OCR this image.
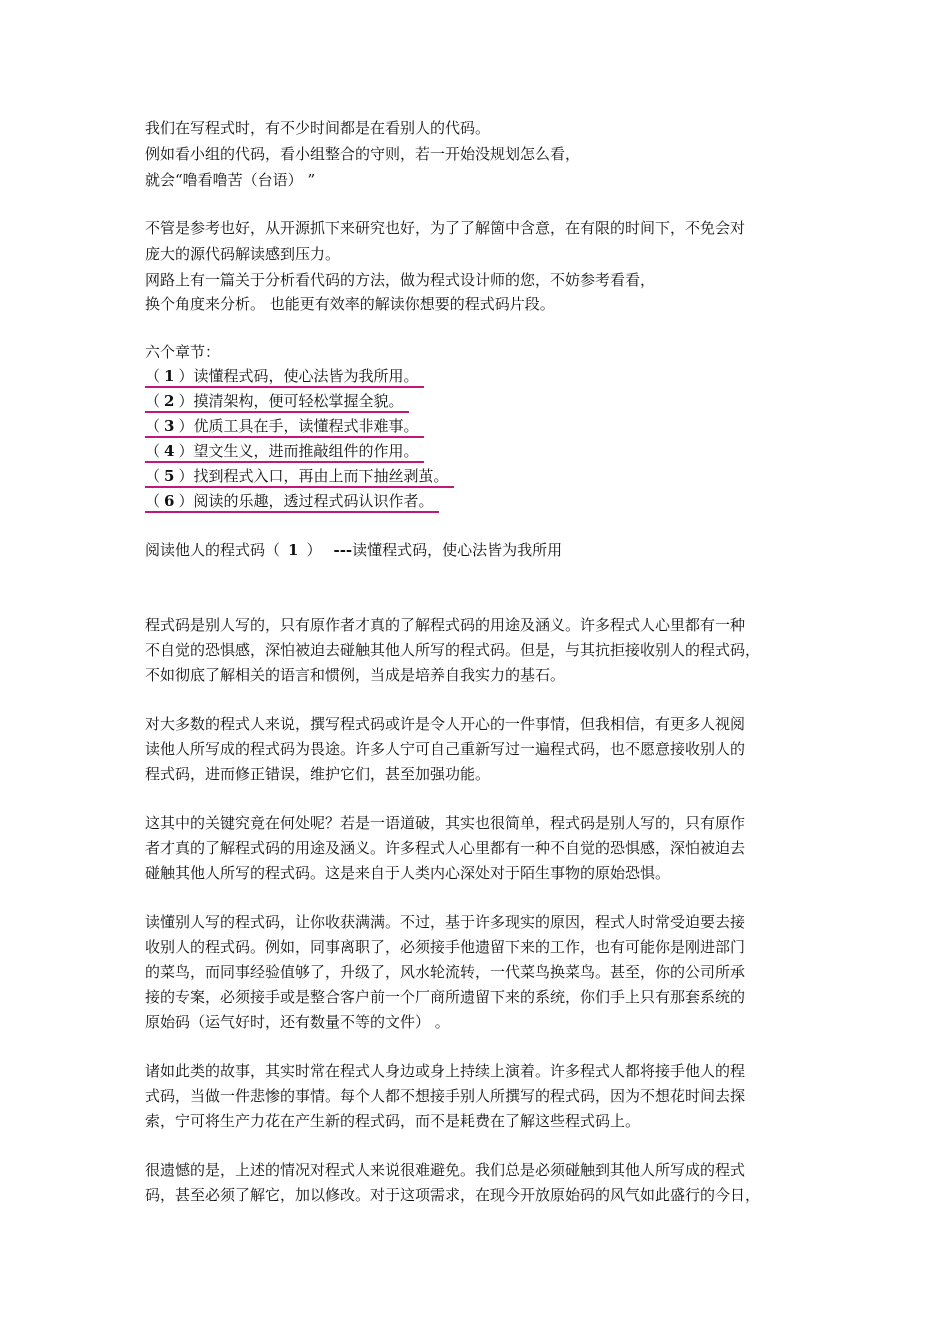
我们在写程式时，有不少时间都是在看别人的代码。
例如看小组的代码，看小组整合的守则，若一开始没规划怎么看，
就会“噜看噜苦（台语） ”
不管是参考也好，从开源抓下来研究也好，为了了解箇中含意，在有限的时间下，不免会对
庞大的源代码解读感到压力。
网路上有一篇关于分析看代码的方法，做为程式设计师的您，不妨参考看看，
换个角度来分析。 也能更有效率的解读你想要的程式码片段。
六个章节：
（ 1 ）读懂程式码，使心法皆为我所用。
（ 2 ）摸清架构，便可轻松掌握全貌。
（ 3 ）优质工具在手，读懂程式非难事。
（ 4 ）望文生义，进而推敲组件的作用。
（ 5 ）找到程式入口，再由上而下抽丝剥茧。
（ 6 ）阅读的乐趣，透过程式码认识作者。
阅读他人的程式码（ 1 ） ---读懂程式码，使心法皆为我所用
程式码是别人写的，只有原作者才真的了解程式码的用途及涵义。许多程式人心里都有一种
不自觉的恐惧感，深怕被迫去碰触其他人所写的程式码。但是，与其抗拒接收别人的程式码，
不如彻底了解相关的语言和惯例，当成是培养自我实力的基石。
对大多数的程式人来说，撰写程式码或许是令人开心的一件事情，但我相信，有更多人视阅
读他人所写成的程式码为畏途。许多人宁可自己重新写过一遍程式码，也不愿意接收别人的
程式码，进而修正错误，维护它们，甚至加强功能。
这其中的关键究竟在何处呢？若是一语道破，其实也很简单，程式码是别人写的，只有原作
者才真的了解程式码的用途及涵义。许多程式人心里都有一种不自觉的恐惧感，深怕被迫去
碰触其他人所写的程式码。这是来自于人类内心深处对于陌生事物的原始恐惧。
读懂别人写的程式码，让你收获满满。不过，基于许多现实的原因，程式人时常受迫要去接
收别人的程式码。例如，同事离职了，必须接手他遗留下来的工作，也有可能你是刚进部门
的菜鸟，而同事经验值够了，升级了，风水轮流转，一代菜鸟换菜鸟。甚至，你的公司所承
接的专案，必须接手或是整合客户前一个厂商所遗留下来的系统，你们手上只有那套系统的
原始码（运气好时，还有数量不等的文件） 。
诸如此类的故事，其实时常在程式人身边或身上持续上演着。许多程式人都将接手他人的程
式码，当做一件悲惨的事情。每个人都不想接手别人所撰写的程式码，因为不想花时间去探
索，宁可将生产力花在产生新的程式码，而不是耗费在了解这些程式码上。
很遗憾的是，上述的情况对程式人来说很难避免。我们总是必须碰触到其他人所写成的程式
码，甚至必须了解它，加以修改。对于这项需求，在现今开放原始码的风气如此盛行的今日，
